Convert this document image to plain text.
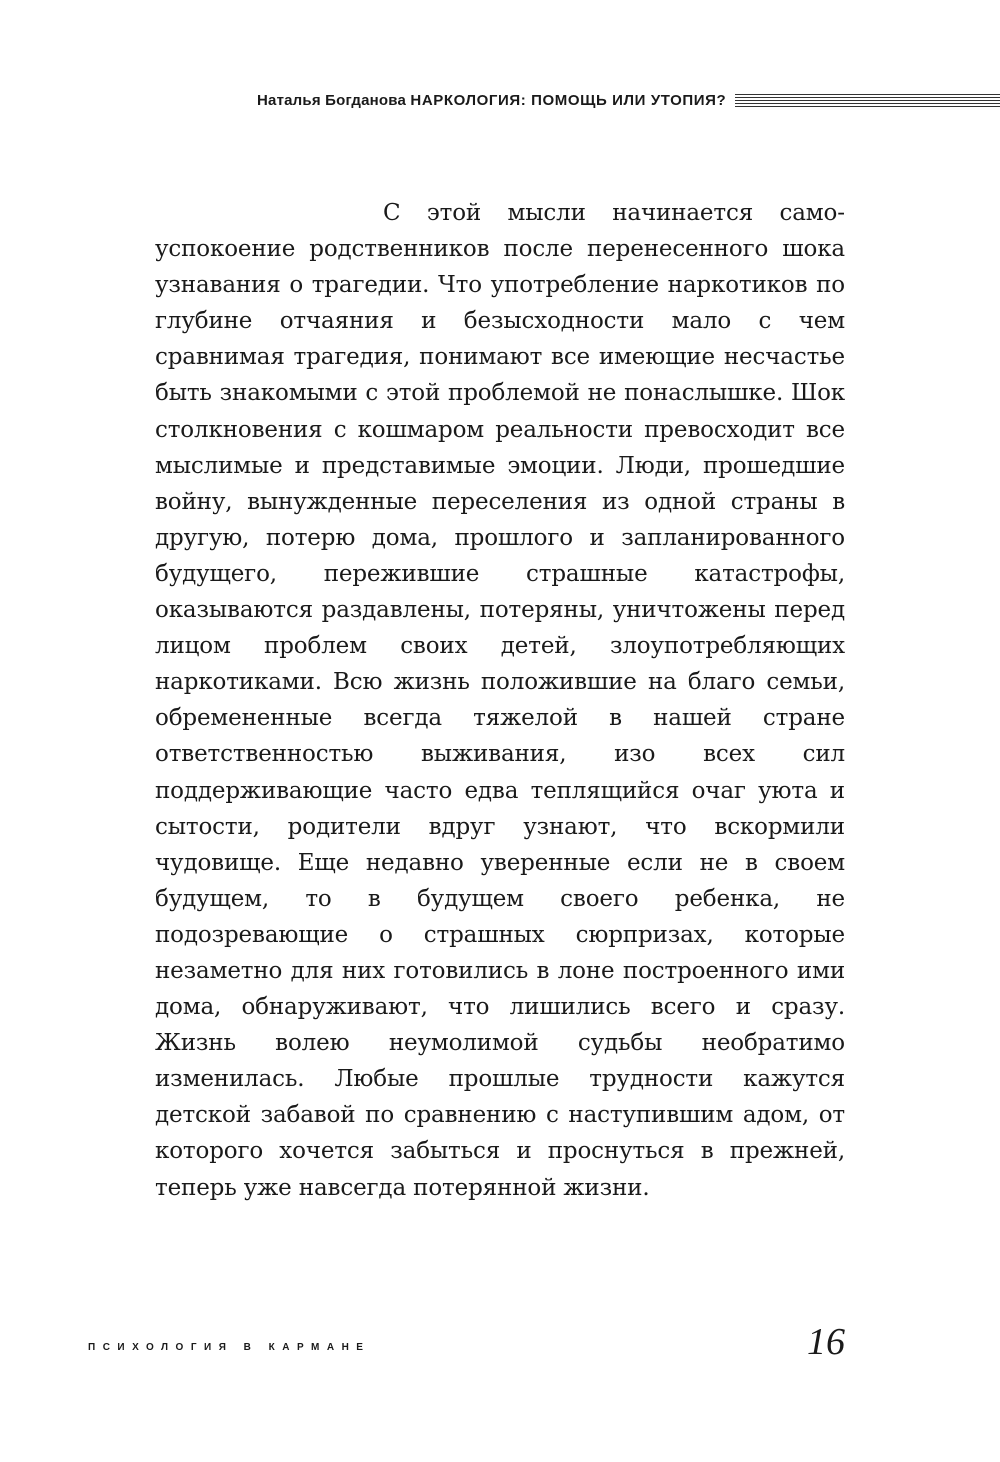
Наталья Богданова НАРКОЛОГИЯ: ПОМОЩЬ ИЛИ УТОПИЯ?

С этой мысли начинается самоуспокоение родственников после перенесенного шока узнавания о трагедии. Что употребление наркотиков по глубине отчаяния и безысходности мало с чем сравнимая трагедия, понимают все имеющие несчастье быть знакомыми с этой проблемой не понаслышке. Шок столкновения с кошмаром реальности превосходит все мыслимые и представимые эмоции. Люди, прошедшие войну, вынужденные переселения из одной страны в другую, потерю дома, прошлого и запланированного будущего, пережившие страшные катастрофы, оказываются раздавлены, потеряны, уничтожены перед лицом проблем своих детей, злоупотребляющих наркотиками. Всю жизнь положившие на благо семьи, обремененные всегда тяжелой в нашей стране ответственностью выживания, изо всех сил поддерживающие часто едва теплящийся очаг уюта и сытости, родители вдруг узнают, что вскормили чудовище. Еще недавно уверенные если не в своем будущем, то в будущем своего ребенка, не подозревающие о страшных сюрпризах, которые незаметно для них готовились в лоне построенного ими дома, обнаруживают, что лишились всего и сразу. Жизнь волею неумолимой судьбы необратимо изменилась. Любые прошлые трудности кажутся детской забавой по сравнению с наступившим адом, от которого хочется забыться и проснуться в прежней, теперь уже навсегда потерянной жизни.

ПСИХОЛОГИЯ В КАРМАНЕ	16
